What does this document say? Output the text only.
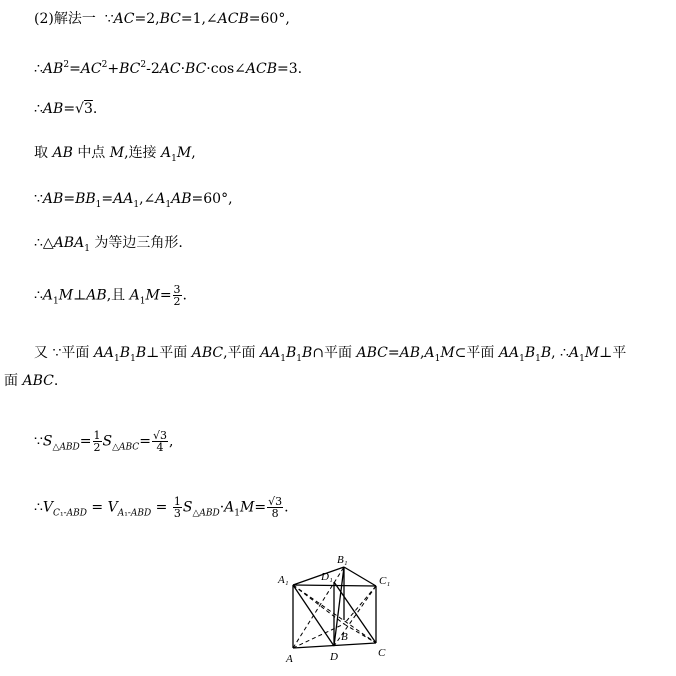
(2)解法一  ∵AC=2,BC=1,∠ACB=60°,
$\therefore AB^2=AC^2+BC^2-2AC\cdot BC\cdot\cos\angle ACB=3$.
∴AB=√3.
取 AB 中点 M,连接 $A_1M$,
$\because AB=BB_1=AA_1,\angle A_1AB=60^\circ$,
$\therefore\triangle ABA_1$ 为等边三角形.
$\therefore A_1M\perp AB$,且 $A_1M= \frac{3}{2}$ .
又 ∵平面 $AA_1B_1B\perp$平面 ABC,平面 $AA_1B_1B\cap$平面 $ABC=AB,A_1M\subset$平面 $AA_1B_1B$, $\therefore A_1M\perp$平
面 ABC.
$\because S_{\triangle ABD}= \frac{1}{2} S_{\triangle ABC}= \frac{√3}{4}$ ,
$\therefore V_{C_1-ABD} = V_{A_1-ABD} = \frac{1}{3} S_{\triangle ABD}\cdot A_1M= \frac{√3}{8}$ .
A₁
B₁
C₁
D₁
A
B
C
D
